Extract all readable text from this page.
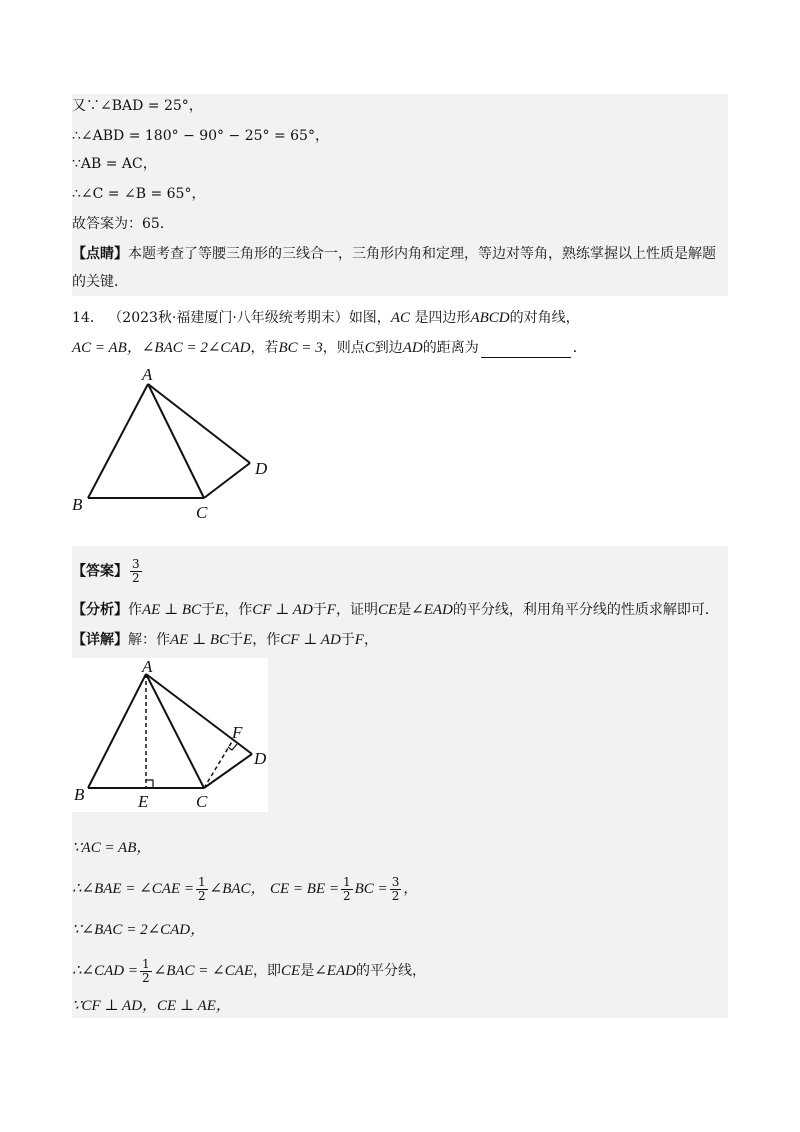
又∵∠BAD = 25°，
∴∠ABD = 180° − 90° − 25° = 65°，
∵AB = AC，
∴∠C = ∠B = 65°，
故答案为：65．
【点睛】本题考查了等腰三角形的三线合一，三角形内角和定理，等边对等角，熟练掌握以上性质是解题
的关键．
14． （2023秋·福建厦门·八年级统考期末）如图，AC 是四边形ABCD的对角线，
AC = AB，∠BAC = 2∠CAD，若BC = 3，则点C到边AD的距离为	．
A
B	C
D
【答案】 $\frac{3}{2}$
【分析】作AE ⊥ BC于E，作CF ⊥ AD于F，证明CE是∠EAD的平分线，利用角平分线的性质求解即可．
【详解】解：作AE ⊥ BC于E，作CF ⊥ AD于F，
A
B	C
D
E
F
∵AC = AB，
∴∠BAE = ∠CAE = $\frac{1}{2}$ ∠BAC， CE = BE = $\frac{1}{2}$ BC = $\frac{3}{2}$ ，
∵∠BAC = 2∠CAD，
∴∠CAD = $\frac{1}{2}$ ∠BAC = ∠CAE，即CE是∠EAD的平分线，
∵CF ⊥ AD，CE ⊥ AE，
